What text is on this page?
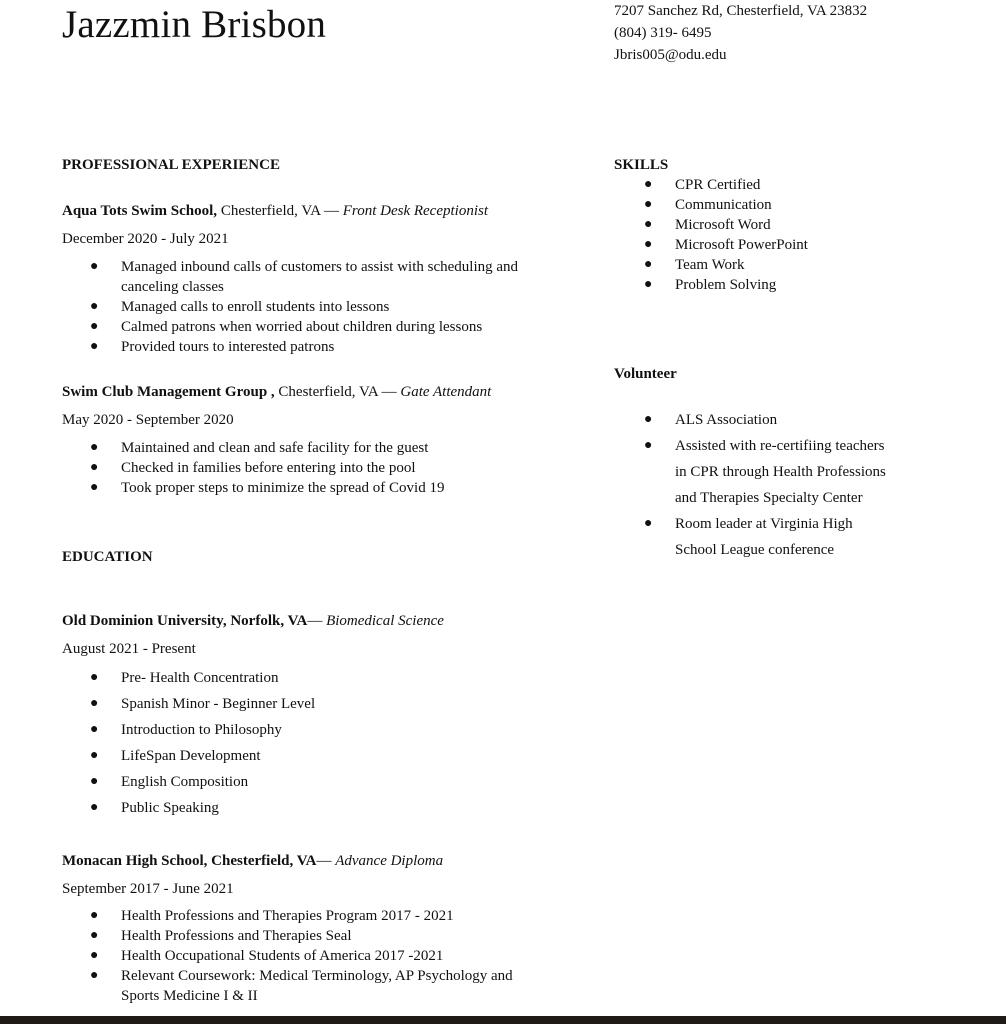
Jazzmin Brisbon	7207 Sanchez Rd, Chesterfield, VA 23832
(804) 319- 6495
Jbris005@odu.edu
PROFESSIONAL EXPERIENCE
Aqua Tots Swim School, Chesterfield, VA — Front Desk Receptionist
December 2020 - July 2021
● Managed inbound calls of customers to assist with scheduling and
canceling classes
● Managed calls to enroll students into lessons
● Calmed patrons when worried about children during lessons
● Provided tours to interested patrons
Swim Club Management Group , Chesterfield, VA — Gate Attendant
May 2020 - September 2020
● Maintained and clean and safe facility for the guest
● Checked in families before entering into the pool
● Took proper steps to minimize the spread of Covid 19
EDUCATION
Old Dominion University, Norfolk, VA— Biomedical Science
August 2021 - Present
● Pre- Health Concentration
● Spanish Minor - Beginner Level
● Introduction to Philosophy
● LifeSpan Development
● English Composition
● Public Speaking
Monacan High School, Chesterfield, VA— Advance Diploma
September 2017 - June 2021
● Health Professions and Therapies Program 2017 - 2021
● Health Professions and Therapies Seal
● Health Occupational Students of America 2017 -2021
● Relevant Coursework: Medical Terminology, AP Psychology and
Sports Medicine I & II
SKILLS
● CPR Certified
● Communication
● Microsoft Word
● Microsoft PowerPoint
● Team Work
● Problem Solving
Volunteer
● ALS Association
● Assisted with re-certifiing teachers
in CPR through Health Professions
and Therapies Specialty Center
● Room leader at Virginia High
School League conference
